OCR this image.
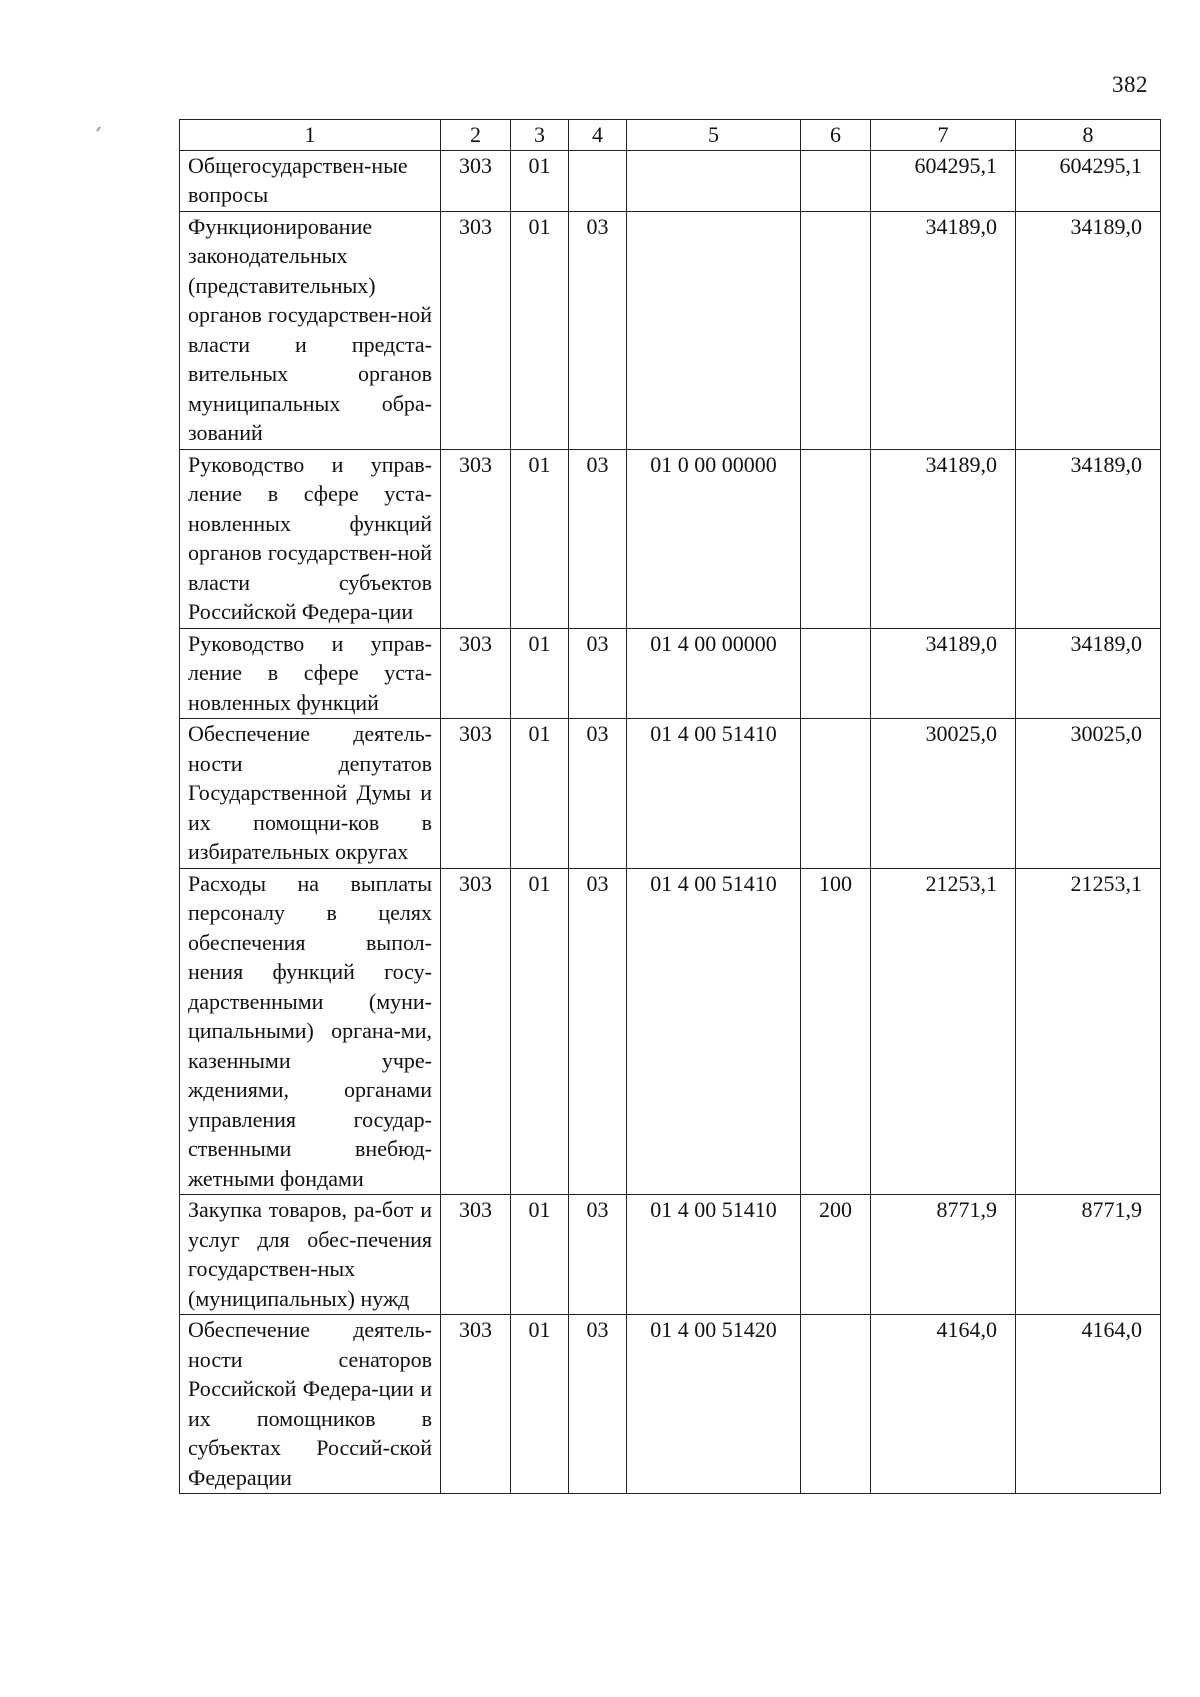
382
1	2	3	4	5	6	7	8
Общегосударствен-ные вопросы	303	01				604295,1	604295,1
Функционирование законодательных (представительных) органов государствен-ной власти и предста-вительных органов муниципальных обра-зований	303	01	03			34189,0	34189,0
Руководство и управ-ление в сфере уста-новленных функций органов государствен-ной власти субъектов Российской Федера-ции	303	01	03	01 0 00 00000		34189,0	34189,0
Руководство и управ-ление в сфере уста-новленных функций	303	01	03	01 4 00 00000		34189,0	34189,0
Обеспечение деятель-ности депутатов Государственной Думы и их помощни-ков в избирательных округах	303	01	03	01 4 00 51410		30025,0	30025,0
Расходы на выплаты персоналу в целях обеспечения выпол-нения функций госу-дарственными (муни-ципальными) органа-ми, казенными учре-ждениями, органами управления государ-ственными внебюд-жетными фондами	303	01	03	01 4 00 51410	100	21253,1	21253,1
Закупка товаров, ра-бот и услуг для обес-печения государствен-ных (муниципальных) нужд	303	01	03	01 4 00 51410	200	8771,9	8771,9
Обеспечение деятель-ности сенаторов Российской Федера-ции и их помощников в субъектах Россий-ской Федерации	303	01	03	01 4 00 51420		4164,0	4164,0
